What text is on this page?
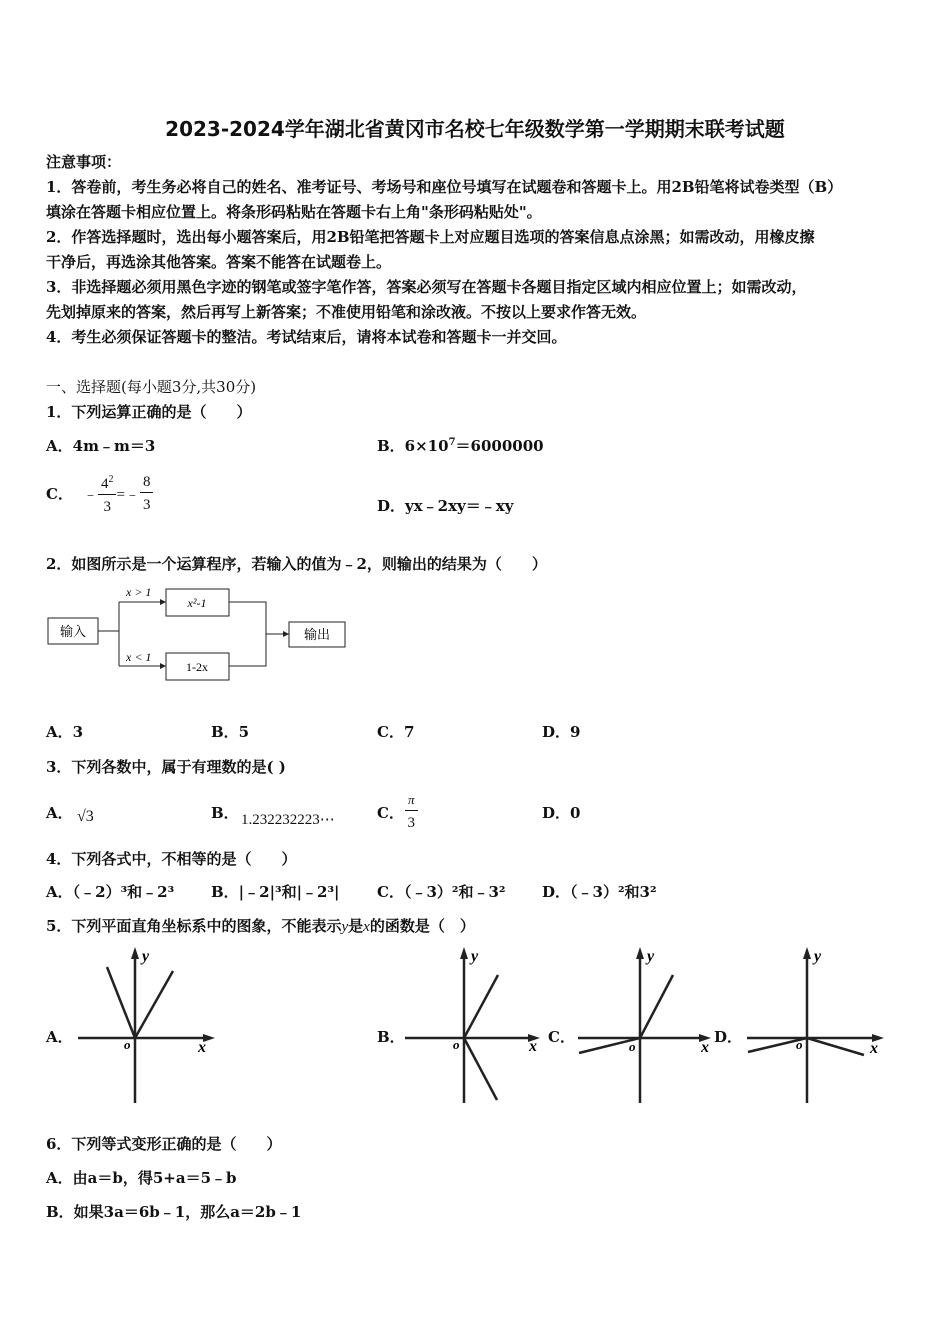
2023-2024学年湖北省黄冈市名校七年级数学第一学期期末联考试题
注意事项：
1．答卷前，考生务必将自己的姓名、准考证号、考场号和座位号填写在试题卷和答题卡上。用2B铅笔将试卷类型（B）
填涂在答题卡相应位置上。将条形码粘贴在答题卡右上角"条形码粘贴处"。
2．作答选择题时，选出每小题答案后，用2B铅笔把答题卡上对应题目选项的答案信息点涂黑；如需改动，用橡皮擦
干净后，再选涂其他答案。答案不能答在试题卷上。
3．非选择题必须用黑色字迹的钢笔或签字笔作答，答案必须写在答题卡各题目指定区域内相应位置上；如需改动，
先划掉原来的答案，然后再写上新答案；不准使用铅笔和涂改液。不按以上要求作答无效。
4．考生必须保证答题卡的整洁。考试结束后，请将本试卷和答题卡一并交回。
一、选择题(每小题3分,共30分)
1．下列运算正确的是（　　）
A．4m﹣m＝3	B．$6\times 10^7=6000000$
C． ﹣ $\frac{4^2}{3}$ =﹣ $\frac{8}{3}$	D．yx﹣2xy＝﹣xy
2．如图所示是一个运算程序，若输入的值为﹣2，则输出的结果为（　　）
输入	输出
x > 1
x < 1
x²-1
1-2x
A．3	B．5	C．7	D．9
3．下列各数中，属于有理数的是( )
A． √3	B． 1.232232223⋯	C． $\frac{\pi}{3}$	D．0
4．下列各式中，不相等的是（　　）
A．（﹣2）³和﹣2³ B．|﹣2|³和|﹣2³| C．（﹣3）²和﹣3² D．（﹣3）²和3²
5．下列平面直角坐标系中的图象，不能表示y是x的函数是（　）
A．
y
x
o	B．
y
x
o	C．
y
x
o
D．
y
x
o
6．下列等式变形正确的是（　　）
A．由a＝b，得5+a＝5﹣b
B．如果3a＝6b﹣1，那么a＝2b﹣1
